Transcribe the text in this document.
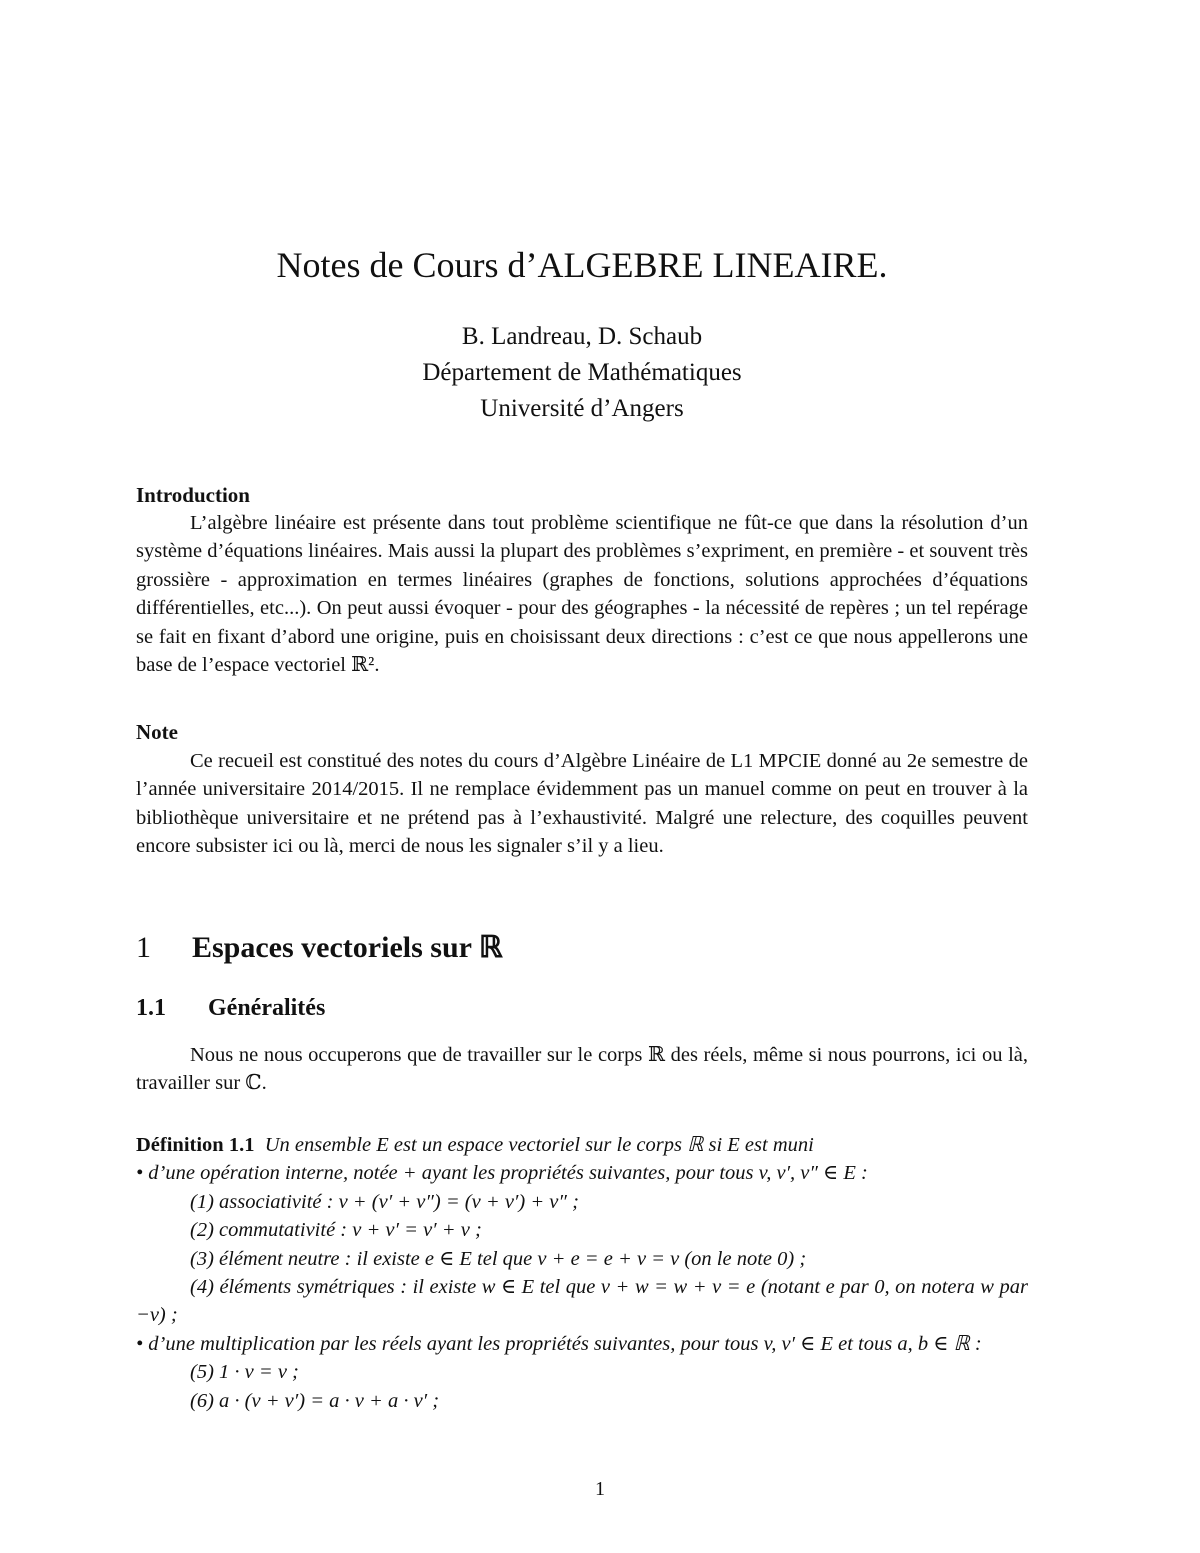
Notes de Cours d’ALGEBRE LINEAIRE.
B. Landreau, D. Schaub
Département de Mathématiques
Université d’Angers
Introduction

L’algèbre linéaire est présente dans tout problème scientifique ne fût-ce que dans la résolution d’un système d’équations linéaires. Mais aussi la plupart des problèmes s’expriment, en première - et souvent très grossière - approximation en termes linéaires (graphes de fonctions, solutions approchées d’équations différentielles, etc...). On peut aussi évoquer - pour des géographes - la nécessité de repères ; un tel repérage se fait en fixant d’abord une origine, puis en choisissant deux directions : c’est ce que nous appellerons une base de l’espace vectoriel ℝ².

Note

Ce recueil est constitué des notes du cours d’Algèbre Linéaire de L1 MPCIE donné au 2e semestre de l’année universitaire 2014/2015. Il ne remplace évidemment pas un manuel comme on peut en trouver à la bibliothèque universitaire et ne prétend pas à l’exhaustivité. Malgré une relecture, des coquilles peuvent encore subsister ici ou là, merci de nous les signaler s’il y a lieu.

1 Espaces vectoriels sur ℝ
1.1 Généralités

Nous ne nous occuperons que de travailler sur le corps ℝ des réels, même si nous pourrons, ici ou là, travailler sur ℂ.

Définition 1.1 Un ensemble E est un espace vectoriel sur le corps ℝ si E est muni

• d’une opération interne, notée + ayant les propriétés suivantes, pour tous v, v′, v″ ∈ E :

(1) associativité : v + (v′ + v″) = (v + v′) + v″ ;

(2) commutativité : v + v′ = v′ + v ;

(3) élément neutre : il existe e ∈ E tel que v + e = e + v = v (on le note 0) ;

(4) éléments symétriques : il existe w ∈ E tel que v + w = w + v = e (notant e par 0, on notera w par −v) ;

• d’une multiplication par les réels ayant les propriétés suivantes, pour tous v, v′ ∈ E et tous a, b ∈ ℝ :

(5) 1 · v = v ;

(6) a · (v + v′) = a · v + a · v′ ;

1
